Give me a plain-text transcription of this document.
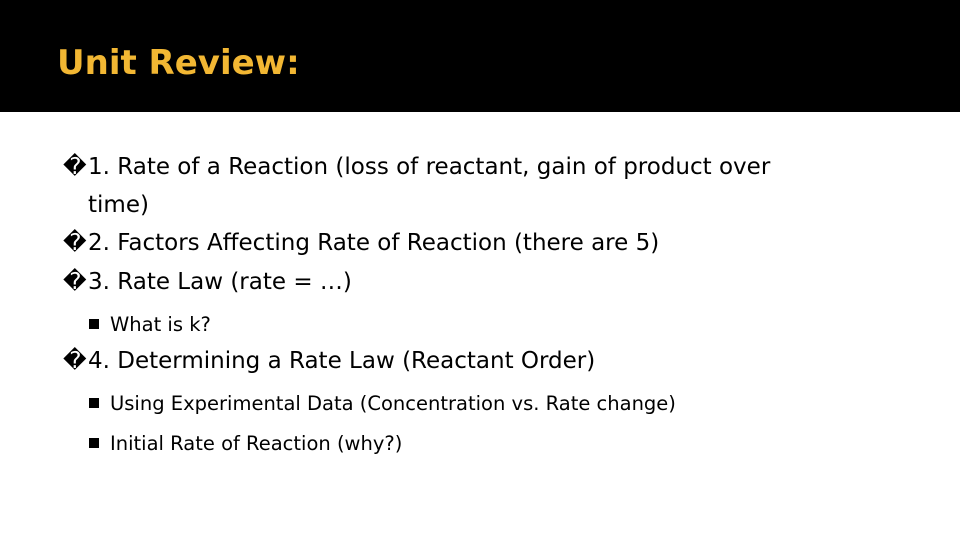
Unit Review:
� 1. Rate of a Reaction (loss of reactant, gain of product over
time)
� 2. Factors Affecting Rate of Reaction (there are 5)
� 3. Rate Law (rate = …)
What is k?
� 4. Determining a Rate Law (Reactant Order)
Using Experimental Data (Concentration vs. Rate change)
Initial Rate of Reaction (why?)
